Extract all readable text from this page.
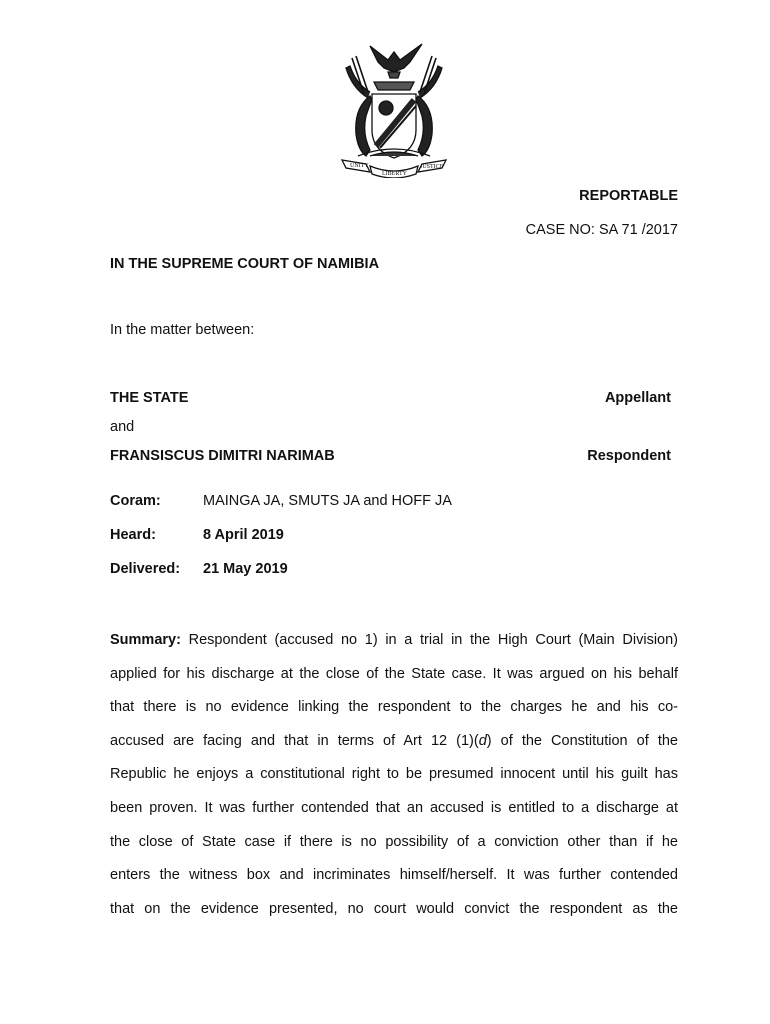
UNITY
LIBERTY
JUSTICE
REPORTABLE
CASE NO: SA 71 /2017
IN THE SUPREME COURT OF NAMIBIA
In the matter between:
THE STATE	Appellant
and
FRANSISCUS DIMITRI NARIMAB	Respondent
Coram:	MAINGA JA, SMUTS JA and HOFF JA
Heard:	8 April 2019
Delivered: 21 May 2019
Summary: Respondent (accused no 1) in a trial in the High Court (Main Division)
applied for his discharge at the close of the State case. It was argued on his behalf
that there is no evidence linking the respondent to the charges he and his co-
accused are facing and that in terms of Art 12 (1)(d) of the Constitution of the
Republic he enjoys a constitutional right to be presumed innocent until his guilt has
been proven. It was further contended that an accused is entitled to a discharge at
the close of State case if there is no possibility of a conviction other than if he
enters the witness box and incriminates himself/herself. It was further contended
that on the evidence presented, no court would convict the respondent as the
